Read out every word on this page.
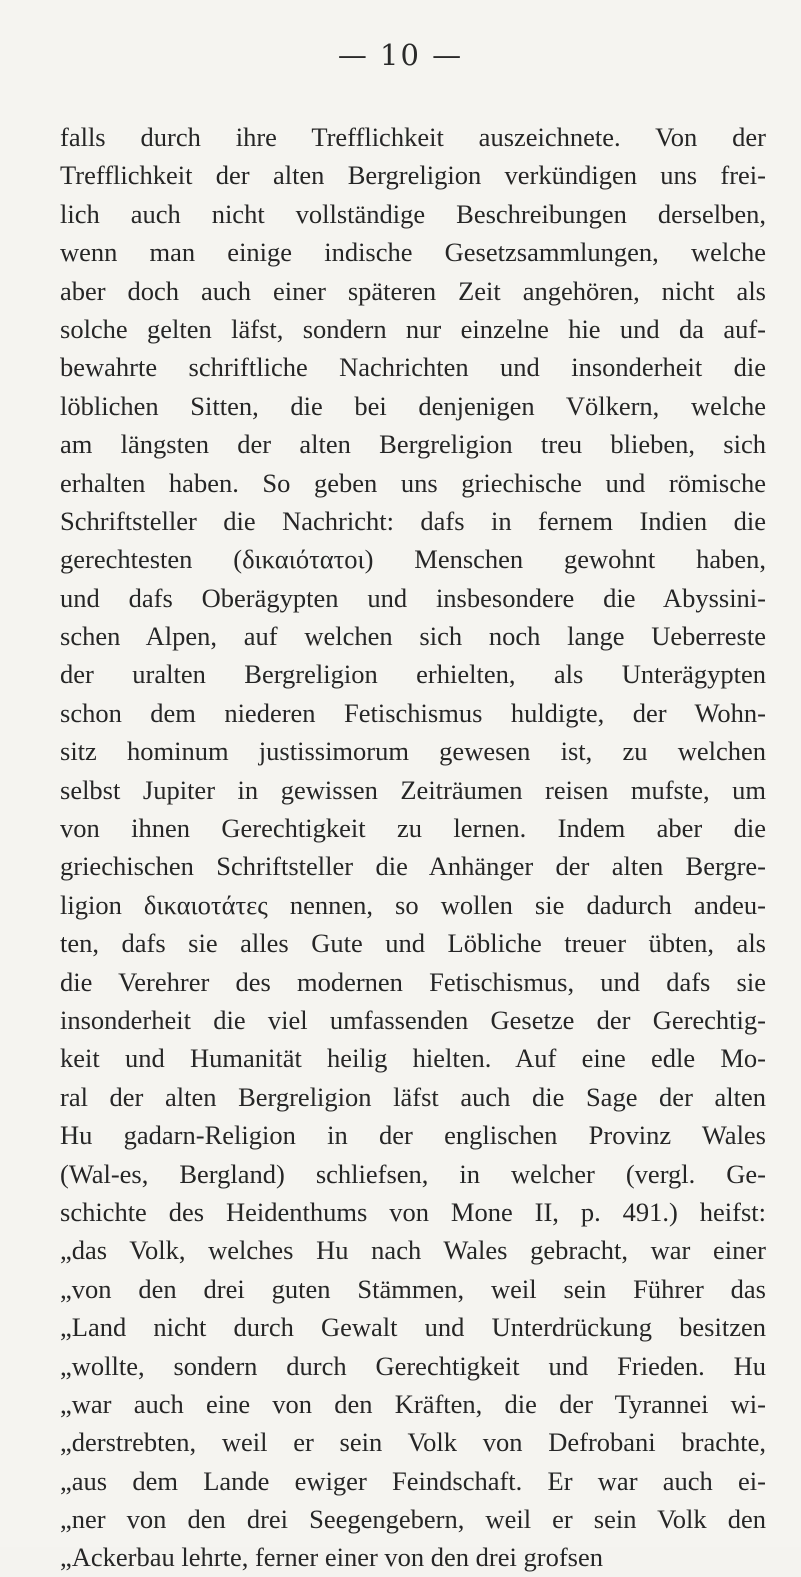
— 10 —
falls durch ihre Trefflichkeit auszeichnete. Von der
Trefflichkeit der alten Bergreligion verkündigen uns frei-
lich auch nicht vollständige Beschreibungen derselben,
wenn man einige indische Gesetzsammlungen, welche
aber doch auch einer späteren Zeit angehören, nicht als
solche gelten läfst, sondern nur einzelne hie und da auf-
bewahrte schriftliche Nachrichten und insonderheit die
löblichen Sitten, die bei denjenigen Völkern, welche
am längsten der alten Bergreligion treu blieben, sich
erhalten haben. So geben uns griechische und römische
Schriftsteller die Nachricht: dafs in fernem Indien die
gerechtesten (δικαιότατοι) Menschen gewohnt haben,
und dafs Oberägypten und insbesondere die Abyssini-
schen Alpen, auf welchen sich noch lange Ueberreste
der uralten Bergreligion erhielten, als Unterägypten
schon dem niederen Fetischismus huldigte, der Wohn-
sitz hominum justissimorum gewesen ist, zu welchen
selbst Jupiter in gewissen Zeiträumen reisen mufste, um
von ihnen Gerechtigkeit zu lernen. Indem aber die
griechischen Schriftsteller die Anhänger der alten Bergre-
ligion δικαιοτάτες nennen, so wollen sie dadurch andeu-
ten, dafs sie alles Gute und Löbliche treuer übten, als
die Verehrer des modernen Fetischismus, und dafs sie
insonderheit die viel umfassenden Gesetze der Gerechtig-
keit und Humanität heilig hielten. Auf eine edle Mo-
ral der alten Bergreligion läfst auch die Sage der alten
Hu gadarn-Religion in der englischen Provinz Wales
(Wal-es, Bergland) schliefsen, in welcher (vergl. Ge-
schichte des Heidenthums von Mone II, p. 491.) heifst:
„das Volk, welches Hu nach Wales gebracht, war einer
„von den drei guten Stämmen, weil sein Führer das
„Land nicht durch Gewalt und Unterdrückung besitzen
„wollte, sondern durch Gerechtigkeit und Frieden. Hu
„war auch eine von den Kräften, die der Tyrannei wi-
„derstrebten, weil er sein Volk von Defrobani brachte,
„aus dem Lande ewiger Feindschaft. Er war auch ei-
„ner von den drei Seegengebern, weil er sein Volk den
„Ackerbau lehrte, ferner einer von den drei grofsen
